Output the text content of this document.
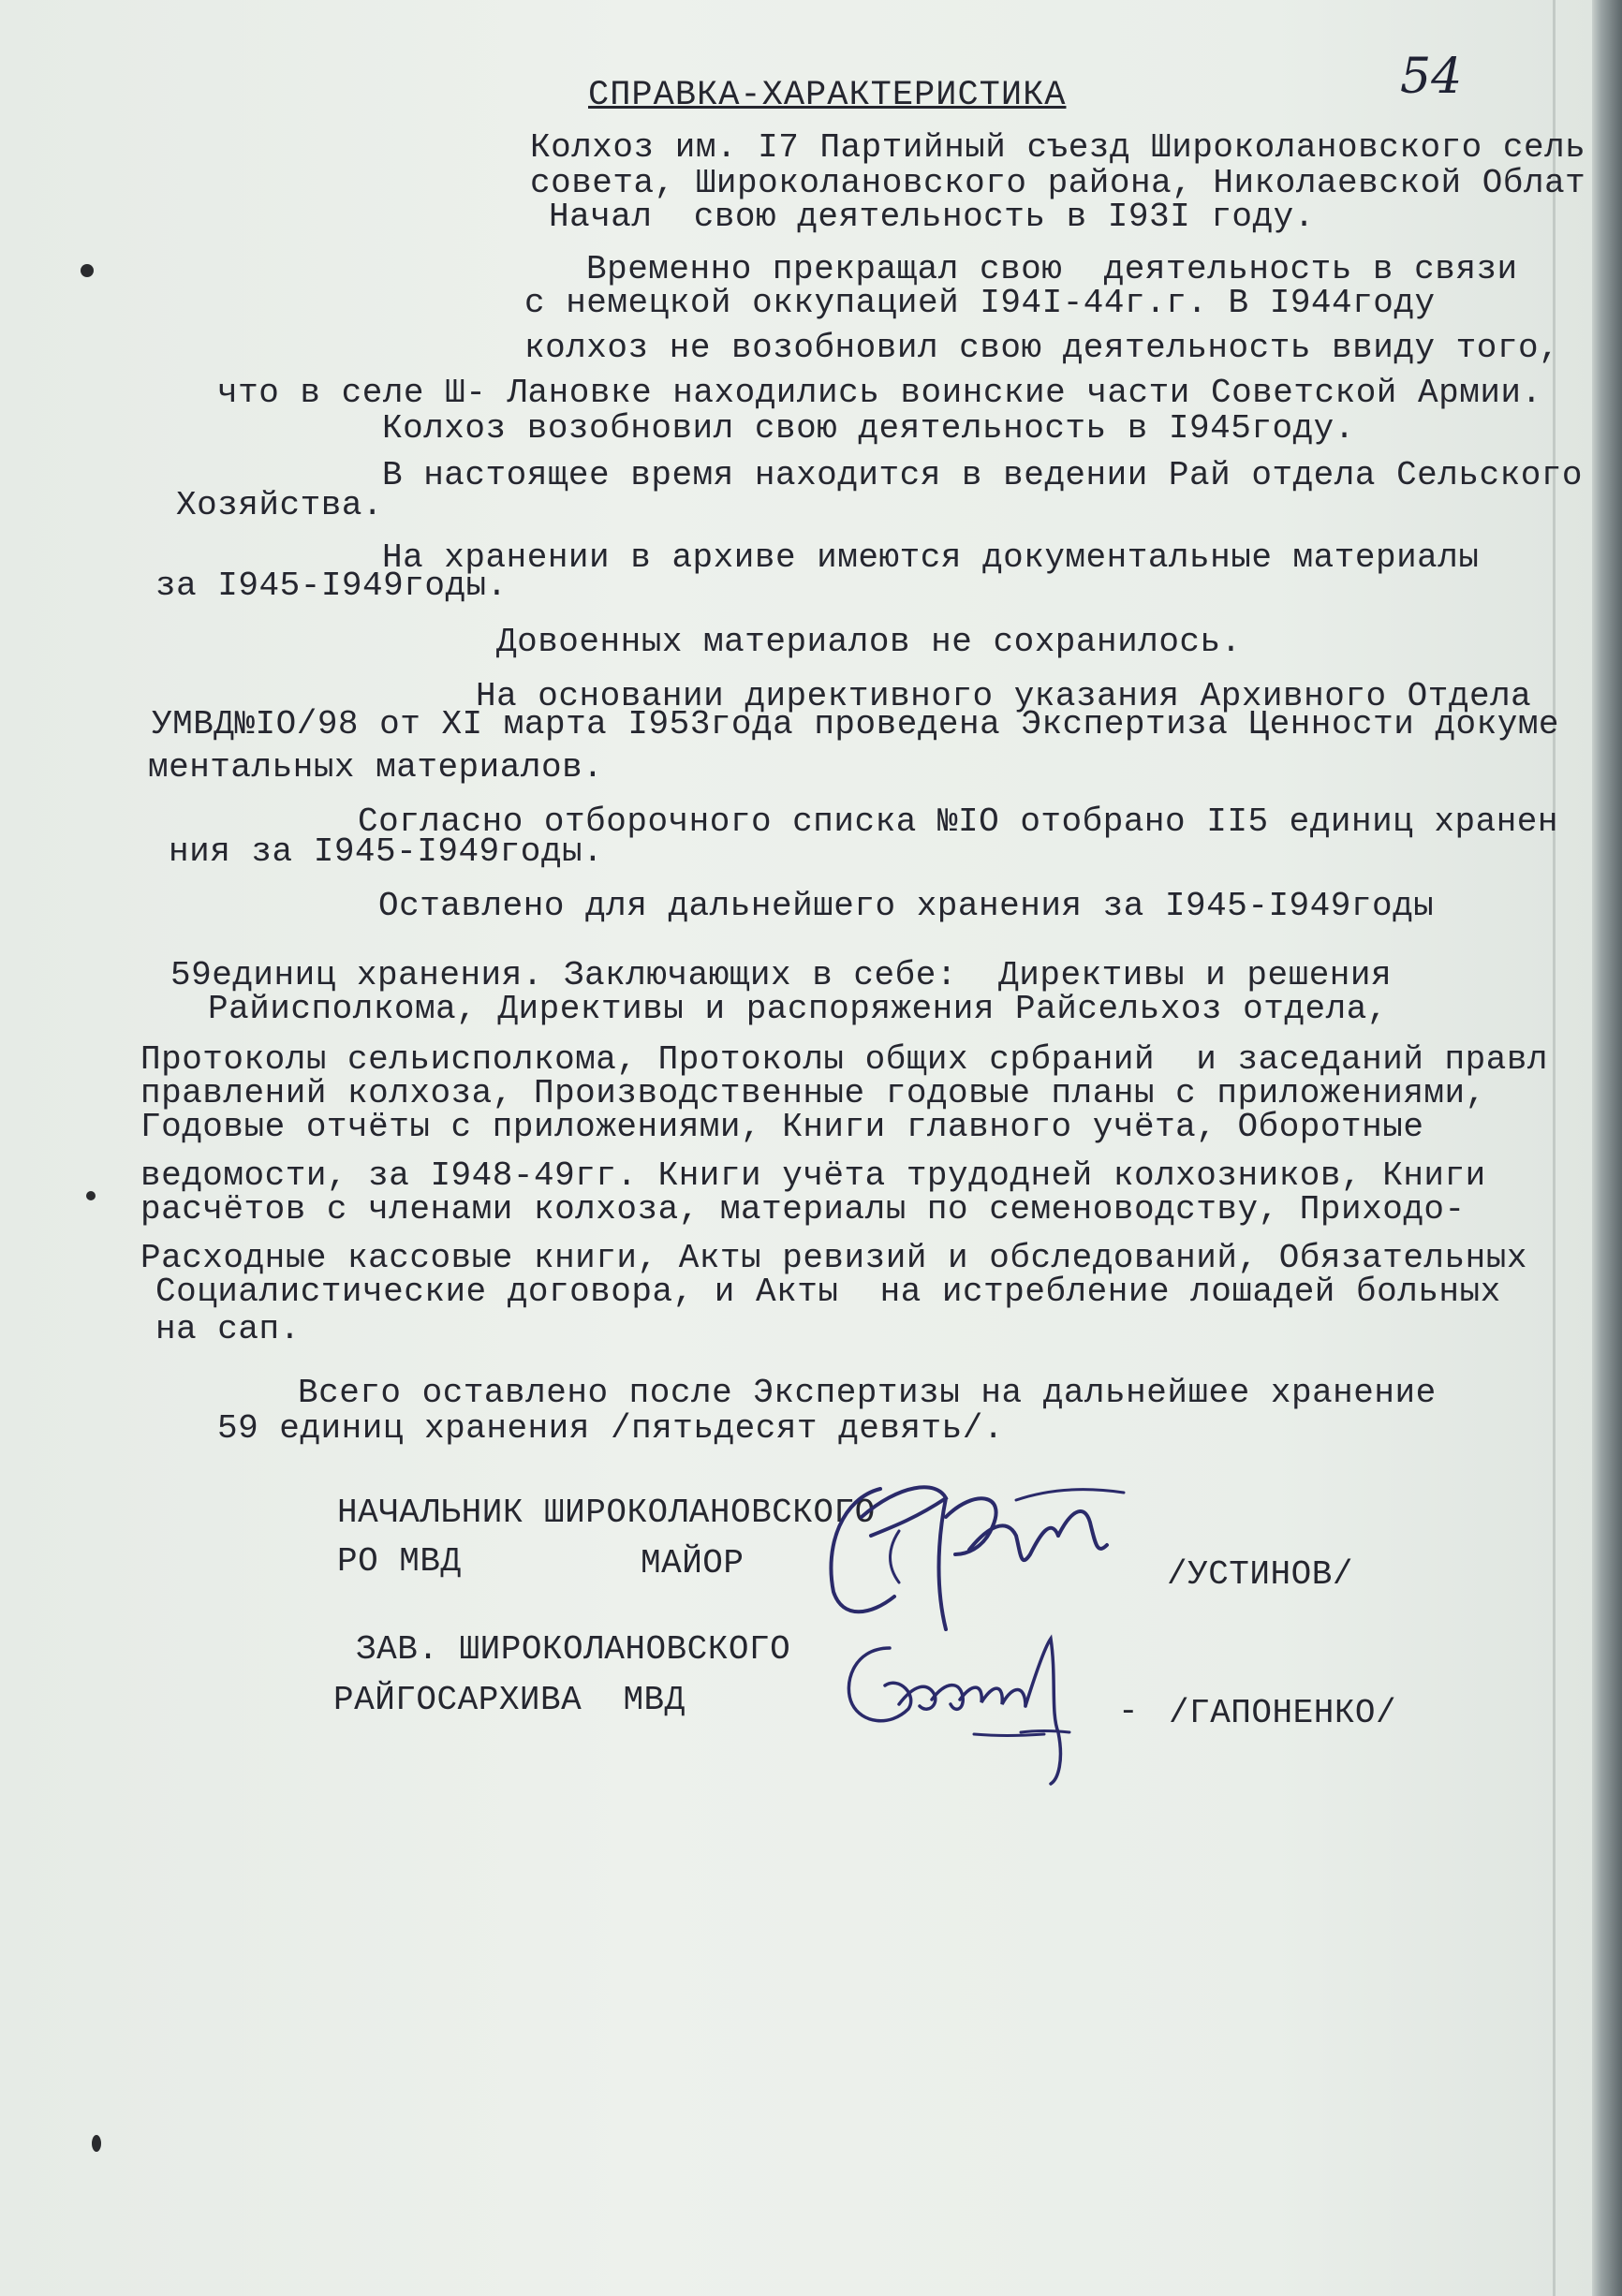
54
СПРАВКА-ХАРАКТЕРИСТИКА
Колхоз им. I7 Партийный съезд Широколановского сель
совета, Широколановского района, Николаевской Облат
Начал  свою деятельность в I93I году.
Временно прекращал свою  деятельность в связи
с немецкой оккупацией I94I-44г.г. В I944году
колхоз не возобновил свою деятельность ввиду того,
что в селе Ш- Лановке находились воинские части Советской Армии.
Колхоз возобновил свою деятельность в I945году.
В настоящее время находится в ведении Рай отдела Сельского
Хозяйства.
На хранении в архиве имеются документальные материалы
за I945-I949годы.
Довоенных материалов не сохранилось.
На основании директивного указания Архивного Отдела
УМВД№IO/98 от XI марта I953года проведена Экспертиза Ценности докуме
ментальных материалов.
Согласно отборочного списка №IO отобрано II5 единиц хранен
ния за I945-I949годы.
Оставлено для дальнейшего хранения за I945-I949годы
59единиц хранения. Заключающих в себе:  Директивы и решения
Райисполкома, Директивы и распоряжения Райсельхоз отдела,
Протоколы сельисполкома, Протоколы общих србраний  и заседаний правл
правлений колхоза, Производственные годовые планы с приложениями,
Годовые отчёты с приложениями, Книги главного учёта, Оборотные
ведомости, за I948-49гг. Книги учёта трудодней колхозников, Книги
расчётов с членами колхоза, материалы по семеноводству, Приходо-
Расходные кассовые книги, Акты ревизий и обследований, Обязательных
Социалистические договора, и Акты  на истребление лошадей больных
на сап.
Всего оставлено после Экспертизы на дальнейшее хранение
59 единиц хранения /пятьдесят девять/.
НАЧАЛЬНИК ШИРОКОЛАНОВСКОГО
РО МВД	МАЙОР	/УСТИНОВ/
ЗАВ. ШИРОКОЛАНОВСКОГО
РАЙГОСАРХИВА  МВД	- /ГАПОНЕНКО/
